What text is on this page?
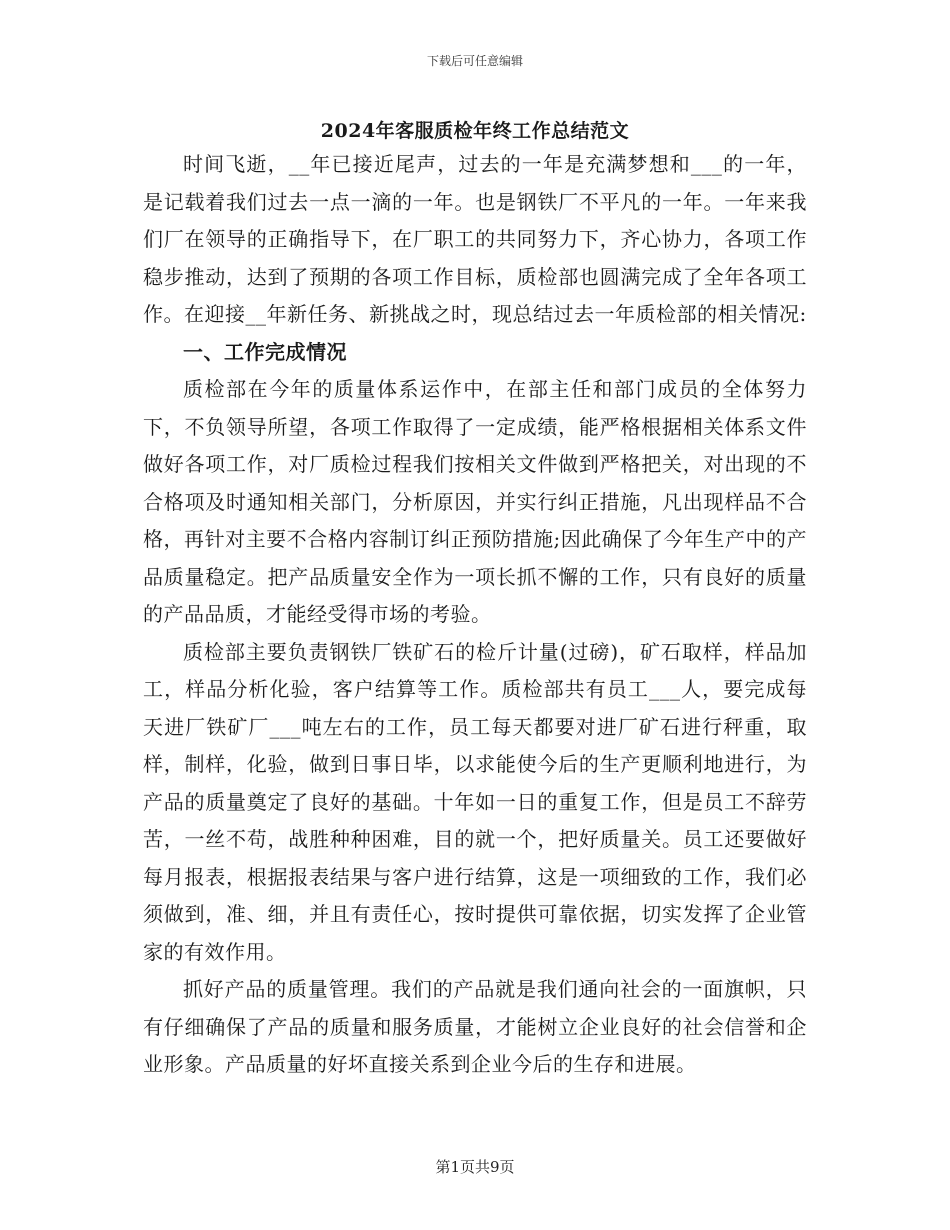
下载后可任意编辑
2024年客服质检年终工作总结范文

时间飞逝，__年已接近尾声，过去的一年是充满梦想和___的一年，是记载着我们过去一点一滴的一年。也是钢铁厂不平凡的一年。一年来我们厂在领导的正确指导下，在厂职工的共同努力下，齐心协力，各项工作稳步推动，达到了预期的各项工作目标，质检部也圆满完成了全年各项工作。在迎接__年新任务、新挑战之时，现总结过去一年质检部的相关情况:

一、工作完成情况

质检部在今年的质量体系运作中，在部主任和部门成员的全体努力下，不负领导所望，各项工作取得了一定成绩，能严格根据相关体系文件做好各项工作，对厂质检过程我们按相关文件做到严格把关，对出现的不合格项及时通知相关部门，分析原因，并实行纠正措施，凡出现样品不合格，再针对主要不合格内容制订纠正预防措施;因此确保了今年生产中的产品质量稳定。把产品质量安全作为一项长抓不懈的工作，只有良好的质量的产品品质，才能经受得市场的考验。

质检部主要负责钢铁厂铁矿石的检斤计量(过磅)，矿石取样，样品加工，样品分析化验，客户结算等工作。质检部共有员工___人，要完成每天进厂铁矿厂___吨左右的工作，员工每天都要对进厂矿石进行秤重，取样，制样，化验，做到日事日毕，以求能使今后的生产更顺利地进行，为产品的质量奠定了良好的基础。十年如一日的重复工作，但是员工不辞劳苦，一丝不苟，战胜种种困难，目的就一个，把好质量关。员工还要做好每月报表，根据报表结果与客户进行结算，这是一项细致的工作，我们必须做到，准、细，并且有责任心，按时提供可靠依据，切实发挥了企业管家的有效作用。

抓好产品的质量管理。我们的产品就是我们通向社会的一面旗帜，只有仔细确保了产品的质量和服务质量，才能树立企业良好的社会信誉和企业形象。产品质量的好坏直接关系到企业今后的生存和进展。

第1页共9页
